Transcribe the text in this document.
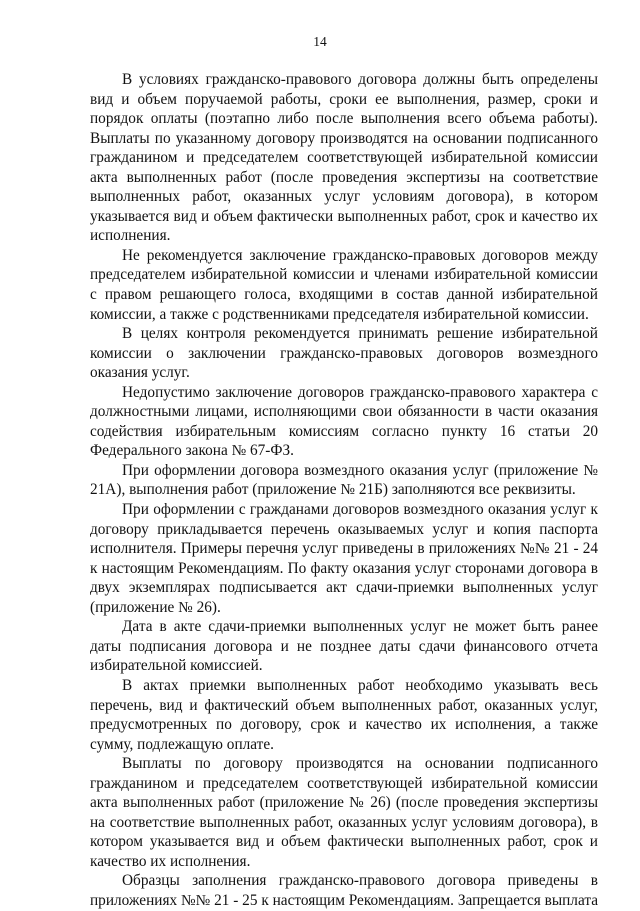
14

В условиях гражданско-правового договора должны быть определены вид и объем поручаемой работы, сроки ее выполнения, размер, сроки и порядок оплаты (поэтапно либо после выполнения всего объема работы). Выплаты по указанному договору производятся на основании подписанного гражданином и председателем соответствующей избирательной комиссии акта выполненных работ (после проведения экспертизы на соответствие выполненных работ, оказанных услуг условиям договора), в котором указывается вид и объем фактически выполненных работ, срок и качество их исполнения.

Не рекомендуется заключение гражданско-правовых договоров между председателем избирательной комиссии и членами избирательной комиссии с правом решающего голоса, входящими в состав данной избирательной комиссии, а также с родственниками председателя избирательной комиссии.

В целях контроля рекомендуется принимать решение избирательной комиссии о заключении гражданско-правовых договоров возмездного оказания услуг.

Недопустимо заключение договоров гражданско-правового характера с должностными лицами, исполняющими свои обязанности в части оказания содействия избирательным комиссиям согласно пункту 16 статьи 20 Федерального закона № 67-ФЗ.

При оформлении договора возмездного оказания услуг (приложение № 21А), выполнения работ (приложение № 21Б) заполняются все реквизиты.

При оформлении с гражданами договоров возмездного оказания услуг к договору прикладывается перечень оказываемых услуг и копия паспорта исполнителя. Примеры перечня услуг приведены в приложениях №№ 21 - 24 к настоящим Рекомендациям. По факту оказания услуг сторонами договора в двух экземплярах подписывается акт сдачи-приемки выполненных услуг (приложение № 26).

Дата в акте сдачи-приемки выполненных услуг не может быть ранее даты подписания договора и не позднее даты сдачи финансового отчета избирательной комиссией.

В актах приемки выполненных работ необходимо указывать весь перечень, вид и фактический объем выполненных работ, оказанных услуг, предусмотренных по договору, срок и качество их исполнения, а также сумму, подлежащую оплате.

Выплаты по договору производятся на основании подписанного гражданином и председателем соответствующей избирательной комиссии акта выполненных работ (приложение № 26) (после проведения экспертизы на соответствие выполненных работ, оказанных услуг условиям договора), в котором указывается вид и объем фактически выполненных работ, срок и качество их исполнения.

Образцы заполнения гражданско-правового договора приведены в приложениях №№ 21 - 25 к настоящим Рекомендациям. Запрещается выплата
